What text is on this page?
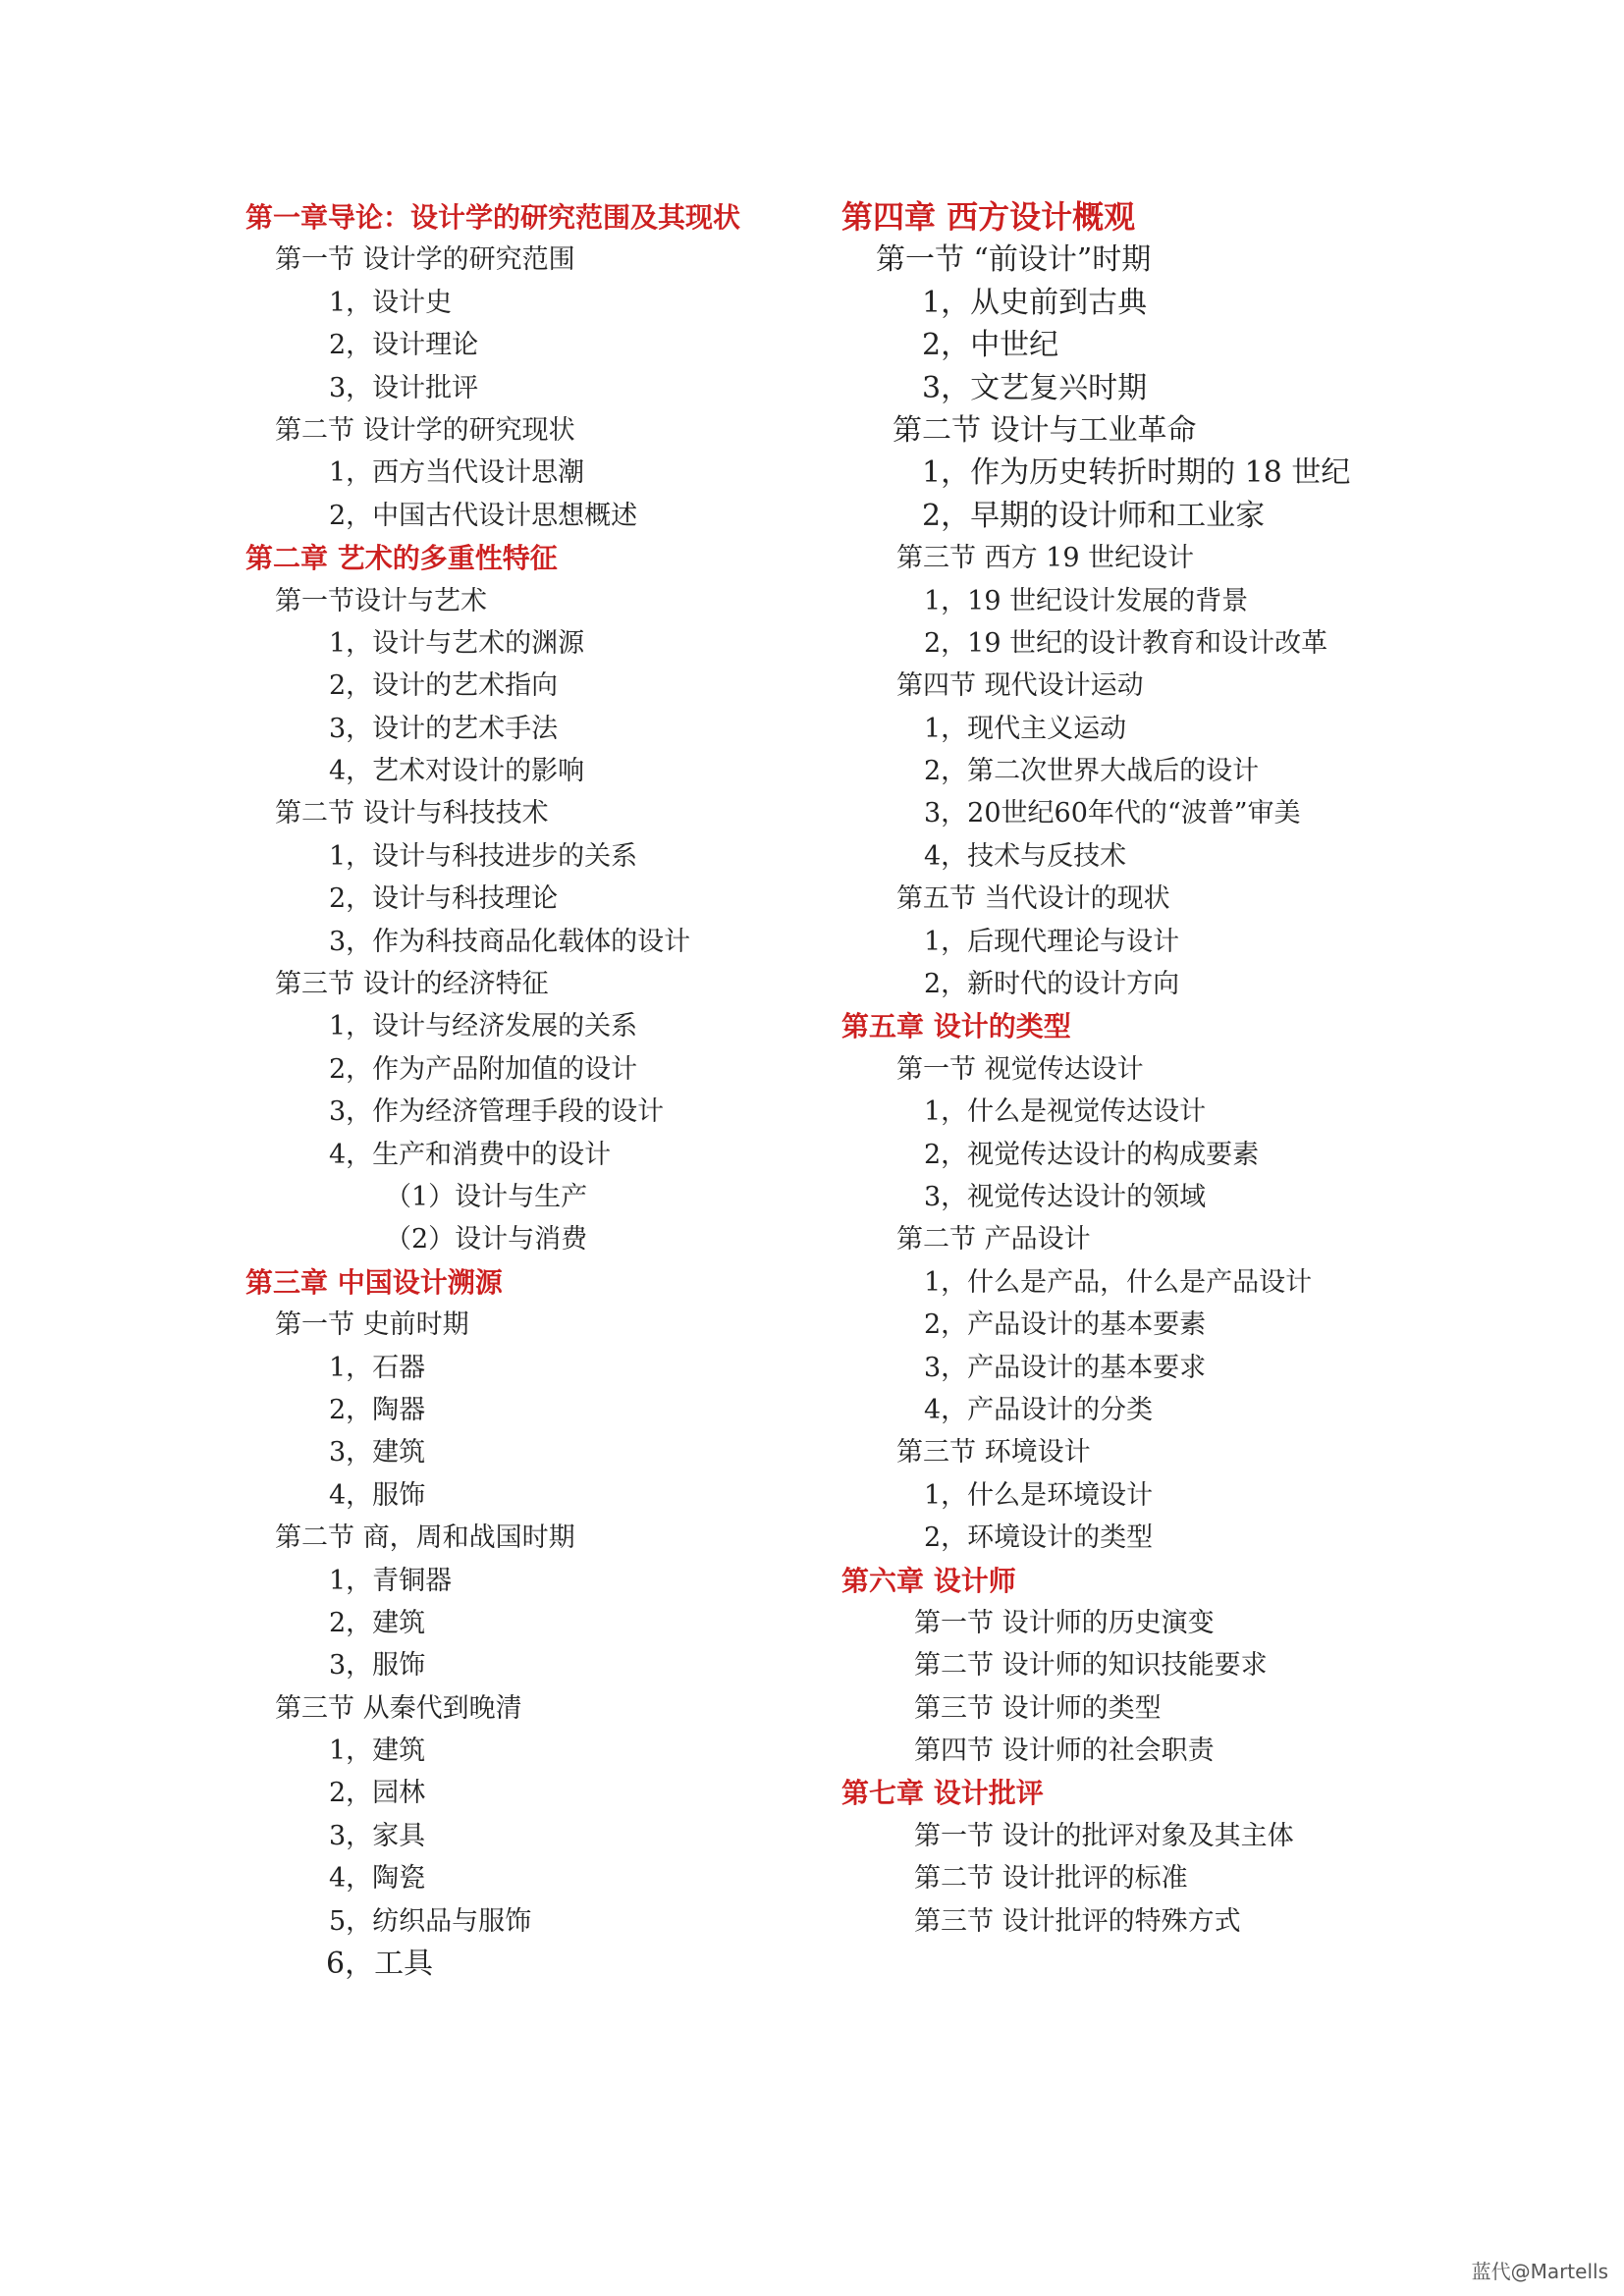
第一章导论：设计学的研究范围及其现状
第一节 设计学的研究范围
1，设计史
2，设计理论
3，设计批评
第二节 设计学的研究现状
1，西方当代设计思潮
2，中国古代设计思想概述
第二章 艺术的多重性特征
第一节设计与艺术
1，设计与艺术的渊源
2，设计的艺术指向
3，设计的艺术手法
4，艺术对设计的影响
第二节 设计与科技技术
1，设计与科技进步的关系
2，设计与科技理论
3，作为科技商品化载体的设计
第三节 设计的经济特征
1，设计与经济发展的关系
2，作为产品附加值的设计
3，作为经济管理手段的设计
4，生产和消费中的设计
（1）设计与生产
（2）设计与消费
第三章 中国设计溯源
第一节 史前时期
1，石器
2，陶器
3，建筑
4，服饰
第二节 商，周和战国时期
1，青铜器
2，建筑
3，服饰
第三节 从秦代到晚清
1，建筑
2，园林
3，家具
4，陶瓷
5，纺织品与服饰
6，工具
第四章 西方设计概观
第一节 “前设计”时期
1，从史前到古典
2，中世纪
3，文艺复兴时期
第二节 设计与工业革命
1，作为历史转折时期的 18 世纪
2，早期的设计师和工业家
第三节 西方 19 世纪设计
1，19 世纪设计发展的背景
2，19 世纪的设计教育和设计改革
第四节 现代设计运动
1，现代主义运动
2，第二次世界大战后的设计
3，20世纪60年代的“波普”审美
4，技术与反技术
第五节 当代设计的现状
1，后现代理论与设计
2，新时代的设计方向
第五章 设计的类型
第一节 视觉传达设计
1，什么是视觉传达设计
2，视觉传达设计的构成要素
3，视觉传达设计的领域
第二节 产品设计
1，什么是产品，什么是产品设计
2，产品设计的基本要素
3，产品设计的基本要求
4，产品设计的分类
第三节 环境设计
1，什么是环境设计
2，环境设计的类型
第六章 设计师
第一节 设计师的历史演变
第二节 设计师的知识技能要求
第三节 设计师的类型
第四节 设计师的社会职责
第七章 设计批评
第一节 设计的批评对象及其主体
第二节 设计批评的标准
第三节 设计批评的特殊方式
蓝代@Martells
